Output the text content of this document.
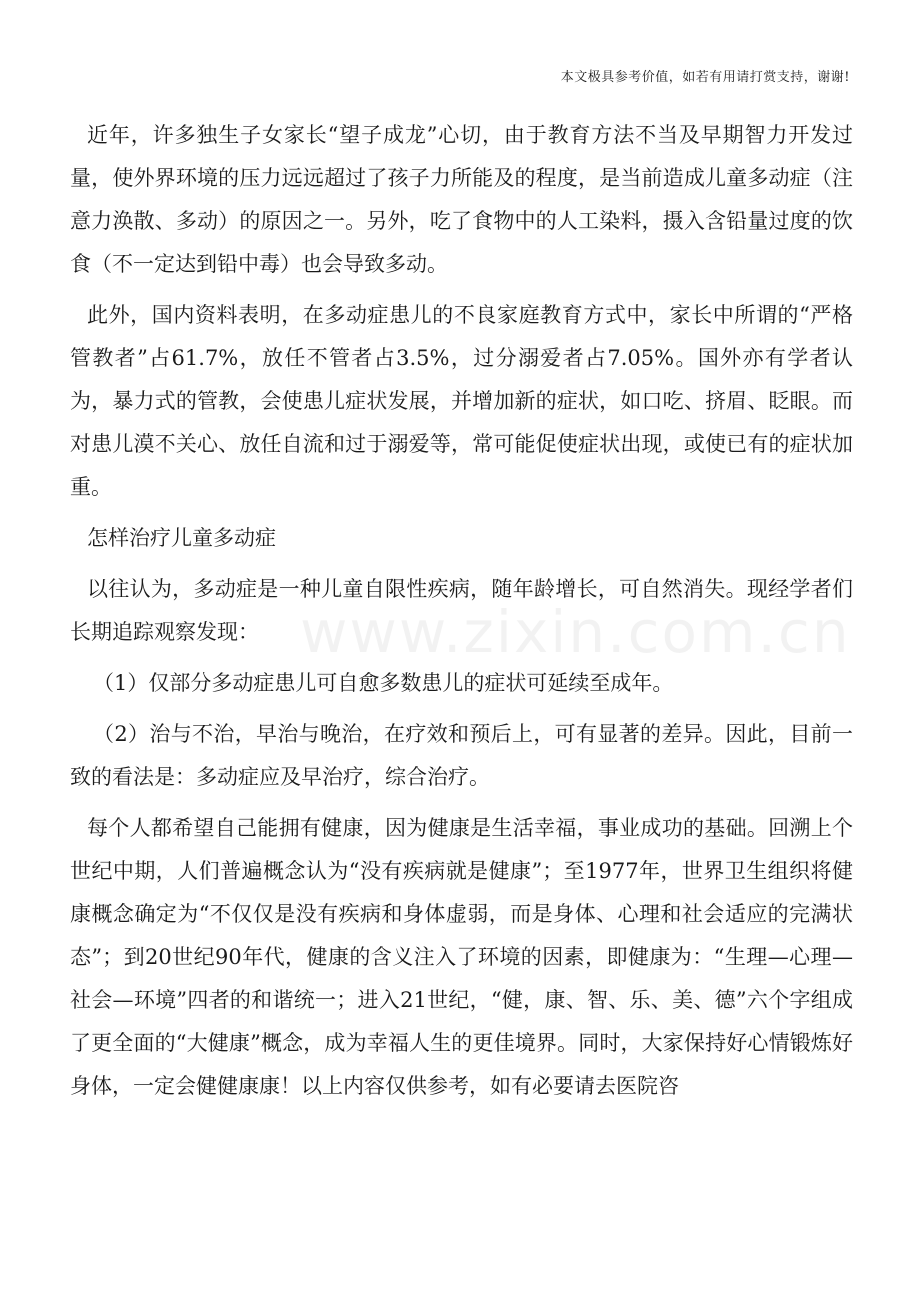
本文极具参考价值，如若有用请打赏支持，谢谢!
www.zixin.com.cn

近年，许多独生子女家长“望子成龙”心切，由于教育方法不当及早期智力开发过量，使外界环境的压力远远超过了孩子力所能及的程度，是当前造成儿童多动症（注意力涣散、多动）的原因之一。另外，吃了食物中的人工染料，摄入含铅量过度的饮食（不一定达到铅中毒）也会导致多动。

此外，国内资料表明，在多动症患儿的不良家庭教育方式中，家长中所谓的“严格管教者”占61.7%，放任不管者占3.5%，过分溺爱者占7.05%。国外亦有学者认为，暴力式的管教，会使患儿症状发展，并增加新的症状，如口吃、挤眉、眨眼。而对患儿漠不关心、放任自流和过于溺爱等，常可能促使症状出现，或使已有的症状加重。

怎样治疗儿童多动症

以往认为，多动症是一种儿童自限性疾病，随年龄增长，可自然消失。现经学者们长期追踪观察发现：

（1）仅部分多动症患儿可自愈多数患儿的症状可延续至成年。

（2）治与不治，早治与晚治，在疗效和预后上，可有显著的差异。因此，目前一致的看法是：多动症应及早治疗，综合治疗。

每个人都希望自己能拥有健康，因为健康是生活幸福，事业成功的基础。回溯上个世纪中期，人们普遍概念认为“没有疾病就是健康”；至1977年，世界卫生组织将健康概念确定为“不仅仅是没有疾病和身体虚弱，而是身体、心理和社会适应的完满状态”；到20世纪90年代，健康的含义注入了环境的因素，即健康为：“生理—心理—社会—环境”四者的和谐统一；进入21世纪，“健，康、智、乐、美、德”六个字组成了更全面的“大健康”概念，成为幸福人生的更佳境界。同时，大家保持好心情锻炼好身体，一定会健健康康！以上内容仅供参考，如有必要请去医院咨
